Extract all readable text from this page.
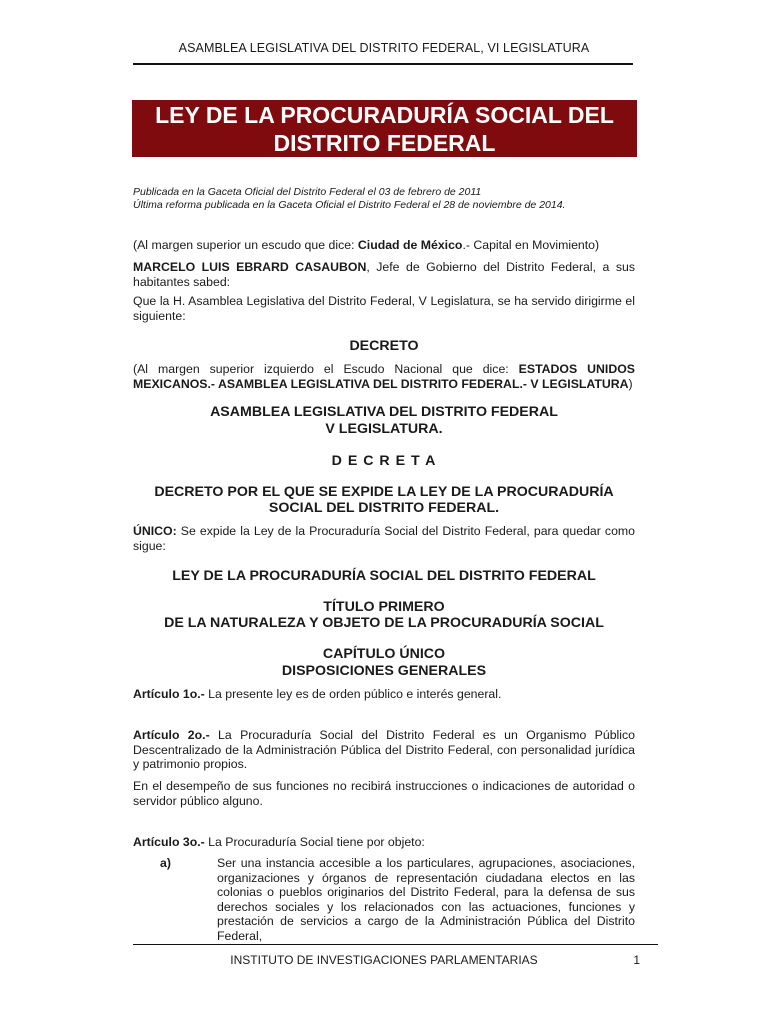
ASAMBLEA LEGISLATIVA DEL DISTRITO FEDERAL, VI LEGISLATURA
LEY DE LA PROCURADURÍA SOCIAL DEL
DISTRITO FEDERAL
Publicada en la Gaceta Oficial del Distrito Federal el 03 de febrero de 2011
Última reforma publicada en la Gaceta Oficial el Distrito Federal el 28 de noviembre de 2014.
(Al margen superior un escudo que dice: Ciudad de México.- Capital en Movimiento)
MARCELO LUIS EBRARD CASAUBON, Jefe de Gobierno del Distrito Federal, a sus habitantes sabed:
Que la H. Asamblea Legislativa del Distrito Federal, V Legislatura, se ha servido dirigirme el siguiente:
DECRETO
(Al margen superior izquierdo el Escudo Nacional que dice: ESTADOS UNIDOS MEXICANOS.- ASAMBLEA LEGISLATIVA DEL DISTRITO FEDERAL.- V LEGISLATURA)
ASAMBLEA LEGISLATIVA DEL DISTRITO FEDERAL
V LEGISLATURA.
D E C R E T A
DECRETO POR EL QUE SE EXPIDE LA LEY DE LA PROCURADURÍA
SOCIAL DEL DISTRITO FEDERAL.
ÚNICO: Se expide la Ley de la Procuraduría Social del Distrito Federal, para quedar como sigue:
LEY DE LA PROCURADURÍA SOCIAL DEL DISTRITO FEDERAL
TÍTULO PRIMERO
DE LA NATURALEZA Y OBJETO DE LA PROCURADURÍA SOCIAL
CAPÍTULO ÚNICO
DISPOSICIONES GENERALES
Artículo 1o.- La presente ley es de orden público e interés general.
Artículo 2o.- La Procuraduría Social del Distrito Federal es un Organismo Público Descentralizado de la Administración Pública del Distrito Federal, con personalidad jurídica y patrimonio propios.
En el desempeño de sus funciones no recibirá instrucciones o indicaciones de autoridad o servidor público alguno.
Artículo 3o.- La Procuraduría Social tiene por objeto:
a)	Ser una instancia accesible a los particulares, agrupaciones, asociaciones, organizaciones y órganos de representación ciudadana electos en las colonias o pueblos originarios del Distrito Federal, para la defensa de sus derechos sociales y los relacionados con las actuaciones, funciones y prestación de servicios a cargo de la Administración Pública del Distrito Federal,
INSTITUTO DE INVESTIGACIONES PARLAMENTARIAS	1
